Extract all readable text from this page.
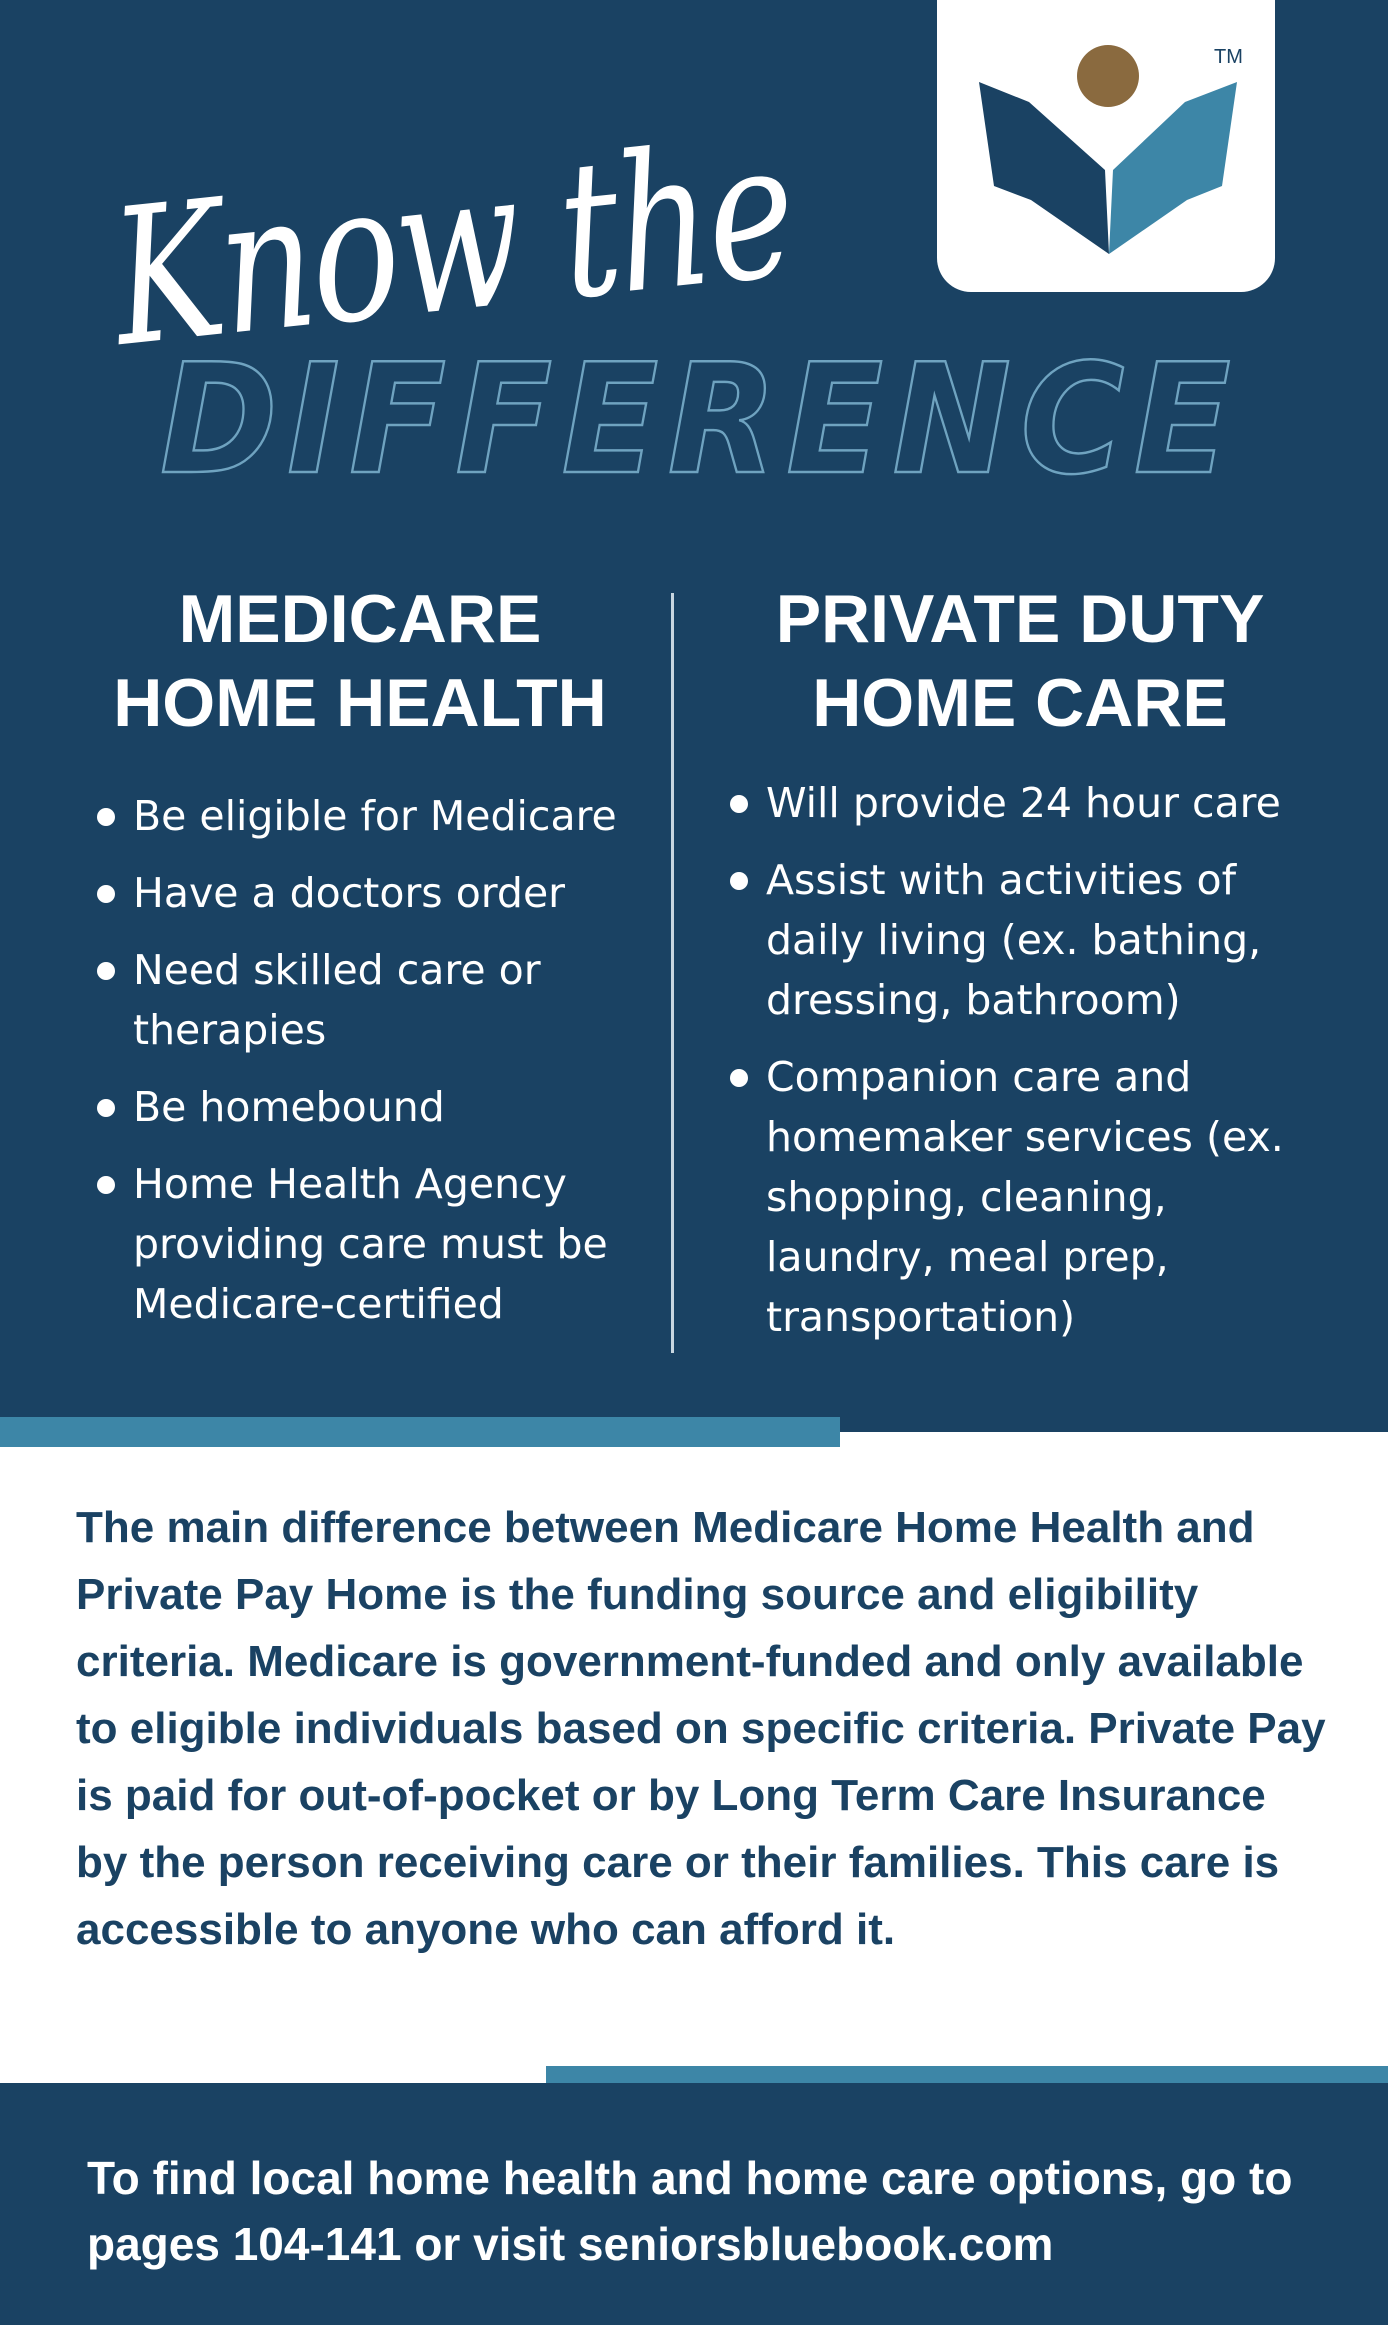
TM
Know the
DIFFERENCE
MEDICARE
HOME HEALTH
PRIVATE DUTY
HOME CARE
Be eligible for Medicare
Have a doctors order
Need skilled care or therapies
Be homebound
Home Health Agency providing care must be Medicare-certified
Will provide 24 hour care
Assist with activities of daily living (ex. bathing, dressing, bathroom)
Companion care and homemaker services (ex. shopping, cleaning, laundry, meal prep, transportation)

The main difference between Medicare Home Health and Private Pay Home is the funding source and eligibility criteria. Medicare is government-funded and only available to eligible individuals based on specific criteria. Private Pay is paid for out-of-pocket or by Long Term Care Insurance by the person receiving care or their families. This care is accessible to anyone who can afford it.

To find local home health and home care options, go to pages 104-141 or visit seniorsbluebook.com
